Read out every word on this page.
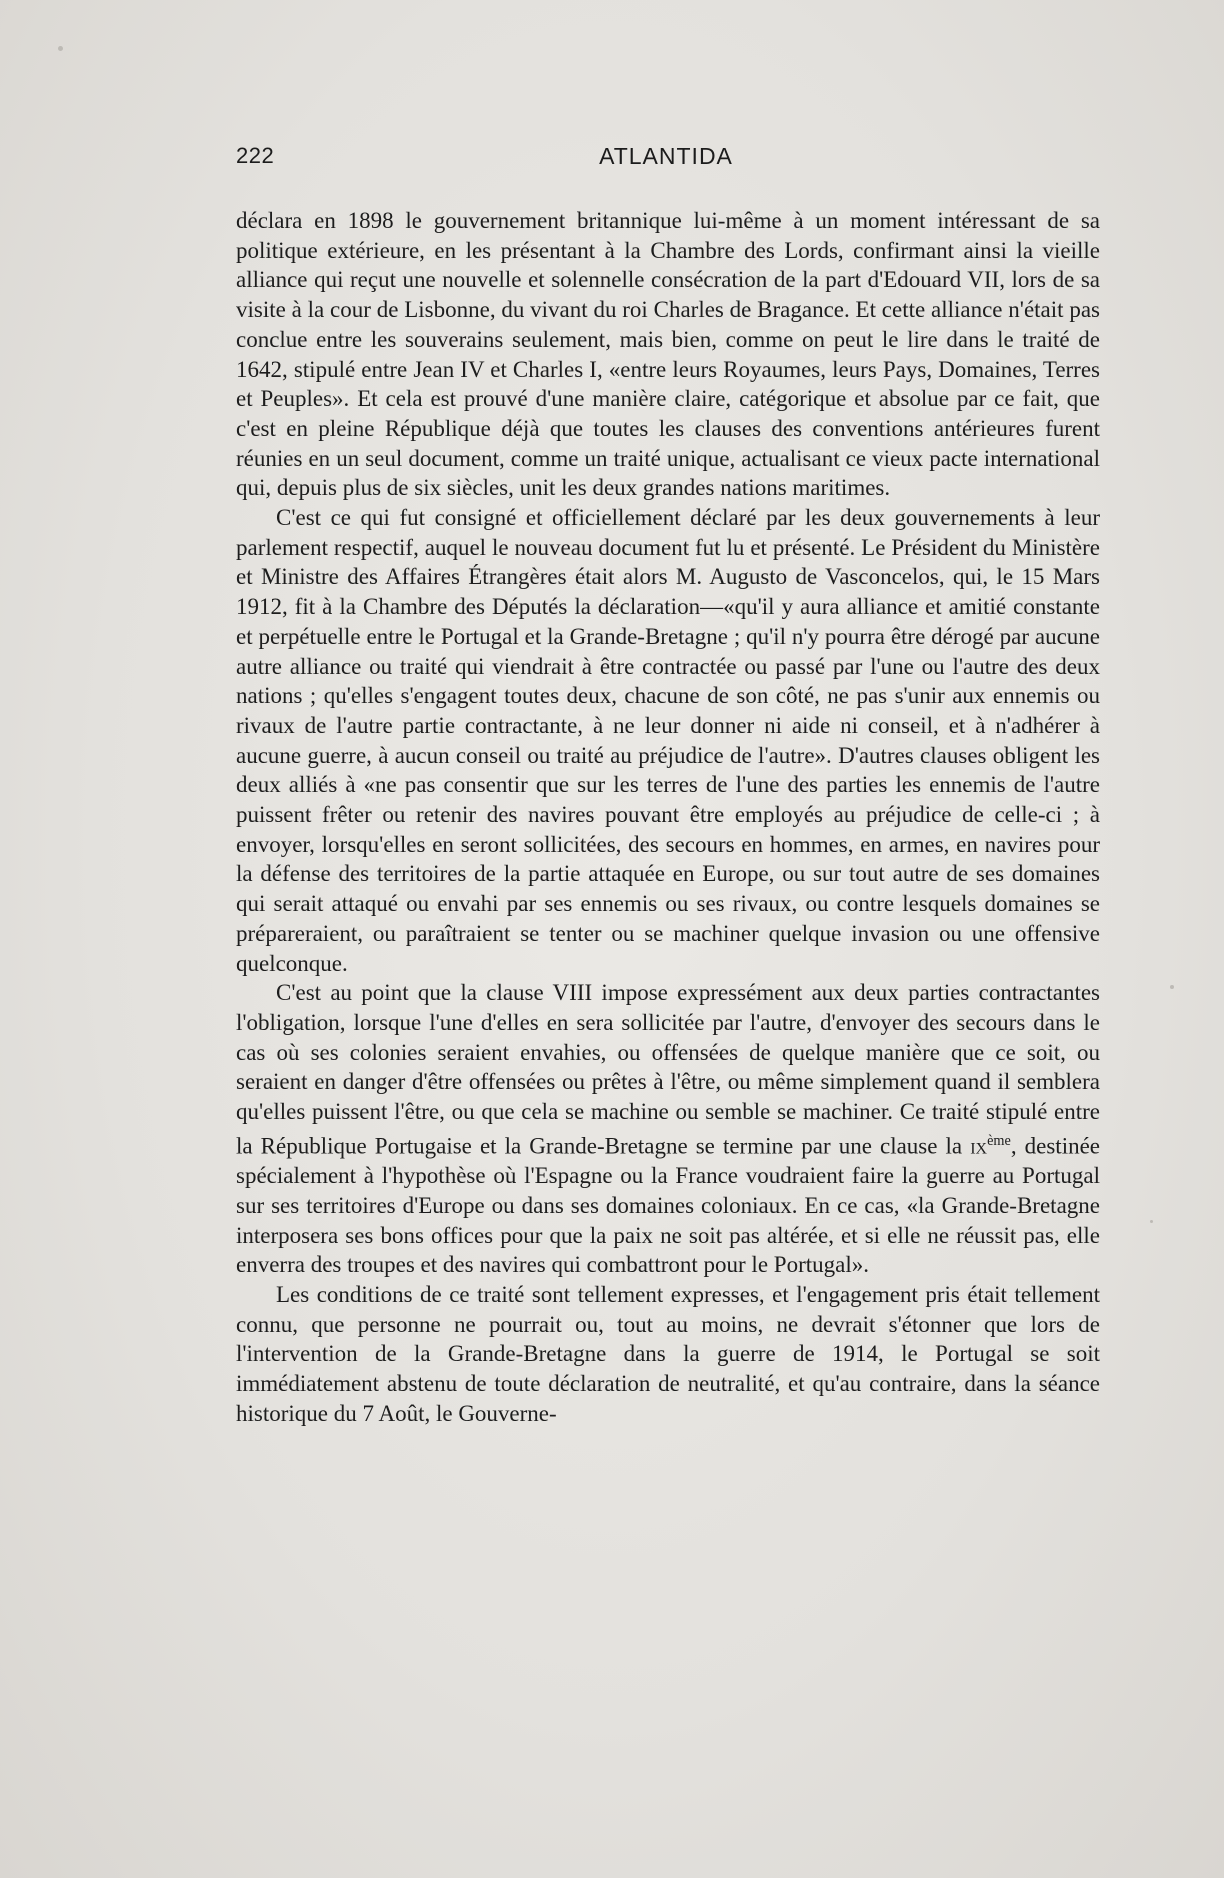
222	ATLANTIDA

déclara en 1898 le gouvernement britannique lui-même à un moment intéressant de sa politique extérieure, en les présentant à la Chambre des Lords, confirmant ainsi la vieille alliance qui reçut une nouvelle et solennelle consécration de la part d'Edouard VII, lors de sa visite à la cour de Lisbonne, du vivant du roi Charles de Bragance. Et cette alliance n'était pas conclue entre les souverains seulement, mais bien, comme on peut le lire dans le traité de 1642, stipulé entre Jean IV et Charles I, «entre leurs Royaumes, leurs Pays, Domaines, Terres et Peuples». Et cela est prouvé d'une manière claire, catégorique et absolue par ce fait, que c'est en pleine République déjà que toutes les clauses des conventions antérieures furent réunies en un seul document, comme un traité unique, actualisant ce vieux pacte international qui, depuis plus de six siècles, unit les deux grandes nations maritimes.

C'est ce qui fut consigné et officiellement déclaré par les deux gouvernements à leur parlement respectif, auquel le nouveau document fut lu et présenté. Le Président du Ministère et Ministre des Affaires Étrangères était alors M. Augusto de Vasconcelos, qui, le 15 Mars 1912, fit à la Chambre des Députés la déclaration—«qu'il y aura alliance et amitié constante et perpétuelle entre le Portugal et la Grande-Bretagne ; qu'il n'y pourra être dérogé par aucune autre alliance ou traité qui viendrait à être contractée ou passé par l'une ou l'autre des deux nations ; qu'elles s'engagent toutes deux, chacune de son côté, ne pas s'unir aux ennemis ou rivaux de l'autre partie contractante, à ne leur donner ni aide ni conseil, et à n'adhérer à aucune guerre, à aucun conseil ou traité au préjudice de l'autre». D'autres clauses obligent les deux alliés à «ne pas consentir que sur les terres de l'une des parties les ennemis de l'autre puissent frêter ou retenir des navires pouvant être employés au préjudice de celle-ci ; à envoyer, lorsqu'elles en seront sollicitées, des secours en hommes, en armes, en navires pour la défense des territoires de la partie attaquée en Europe, ou sur tout autre de ses domaines qui serait attaqué ou envahi par ses ennemis ou ses rivaux, ou contre lesquels domaines se prépareraient, ou paraîtraient se tenter ou se machiner quelque invasion ou une offensive quelconque.

C'est au point que la clause VIII impose expressément aux deux parties contractantes l'obligation, lorsque l'une d'elles en sera sollicitée par l'autre, d'envoyer des secours dans le cas où ses colonies seraient envahies, ou offensées de quelque manière que ce soit, ou seraient en danger d'être offensées ou prêtes à l'être, ou même simplement quand il semblera qu'elles puissent l'être, ou que cela se machine ou semble se machiner. Ce traité stipulé entre la République Portugaise et la Grande-Bretagne se termine par une clause la $ix^{ème}$, destinée spécialement à l'hypothèse où l'Espagne ou la France voudraient faire la guerre au Portugal sur ses territoires d'Europe ou dans ses domaines coloniaux. En ce cas, «la Grande-Bretagne interposera ses bons offices pour que la paix ne soit pas altérée, et si elle ne réussit pas, elle enverra des troupes et des navires qui combattront pour le Portugal».

Les conditions de ce traité sont tellement expresses, et l'engagement pris était tellement connu, que personne ne pourrait ou, tout au moins, ne devrait s'étonner que lors de l'intervention de la Grande-Bretagne dans la guerre de 1914, le Portugal se soit immédiatement abstenu de toute déclaration de neutralité, et qu'au contraire, dans la séance historique du 7 Août, le Gouverne-
